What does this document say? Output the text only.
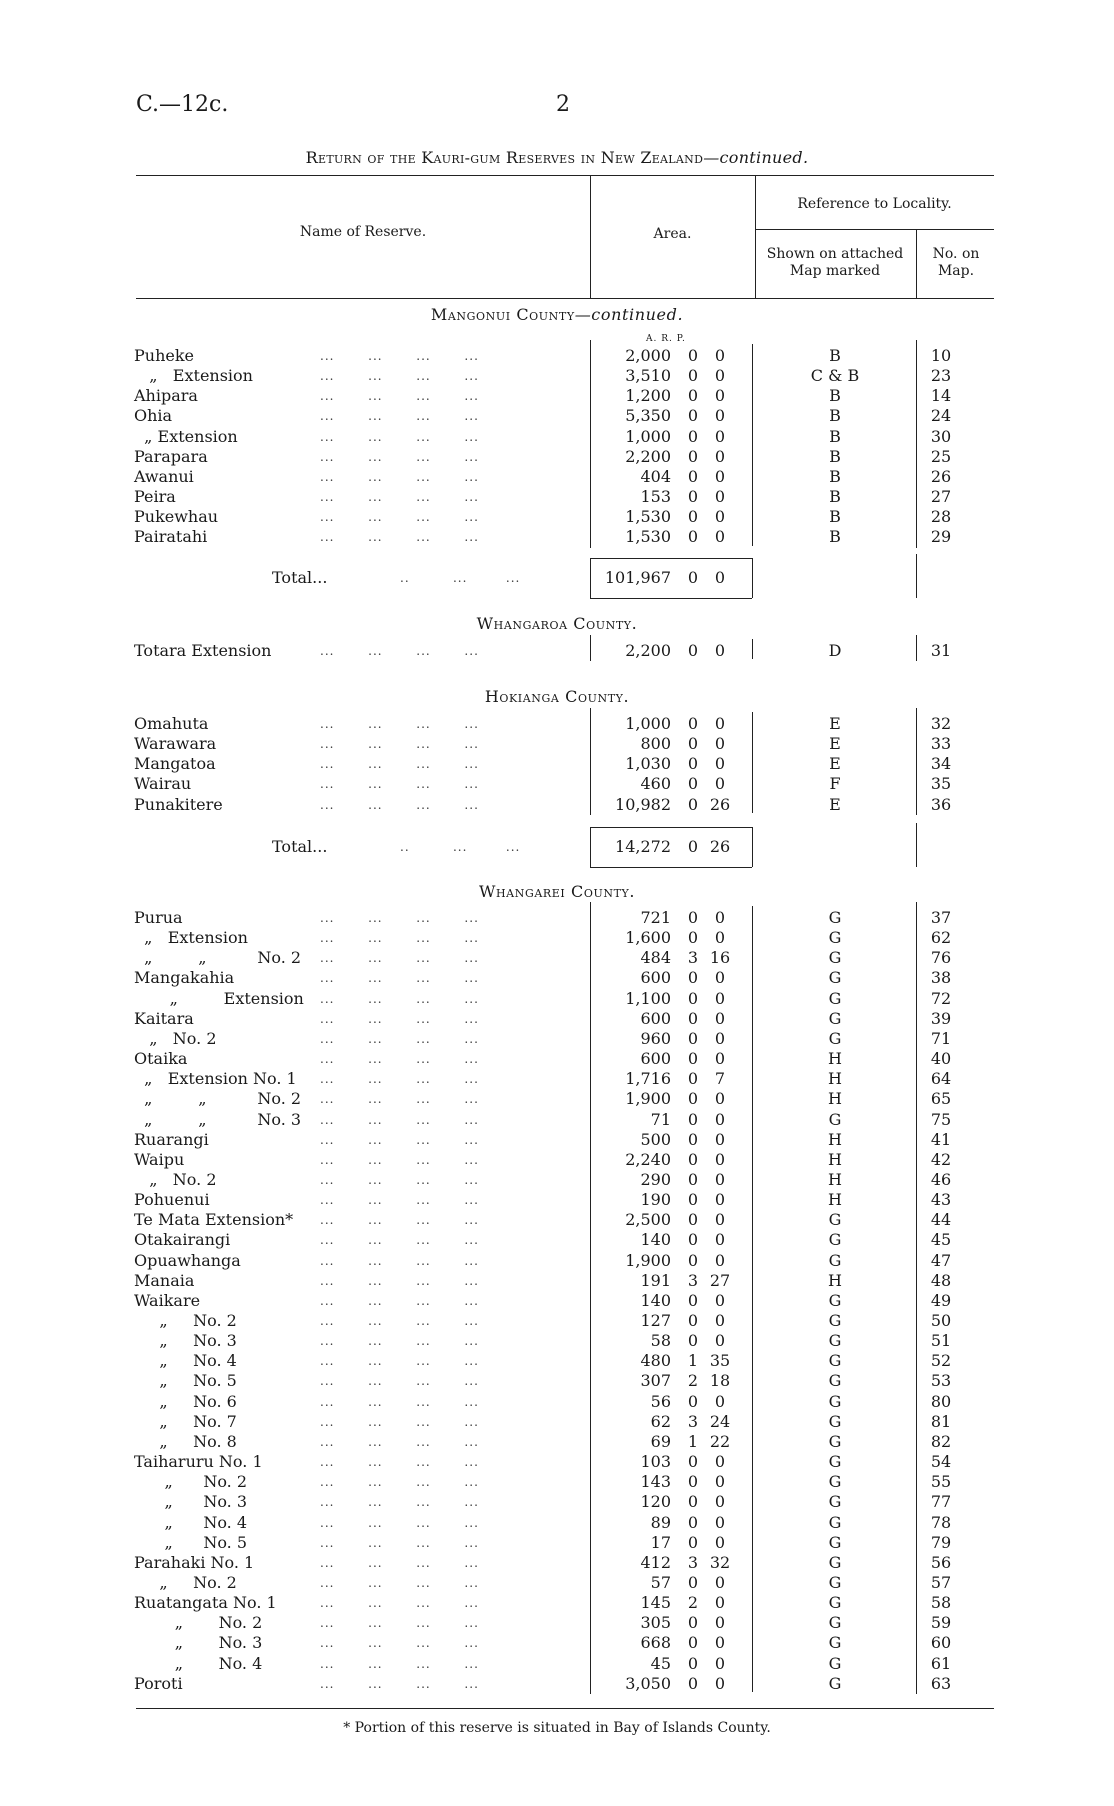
C.—12c.	2
Return of the Kauri-gum Reserves in New Zealand—continued.
Name of Reserve.	Area.
Reference to Locality.
Shown on attached Map marked
No. on Map.
Mangonui County—continued.
A. R. P.
Puheke	...       ...       ...       ...	2,000 0	0	B	10
„   Extension	...       ...       ...       ...	3,510 0	0	C & B	23
Ahipara	...       ...       ...       ...	1,200 0	0	B	14
Ohia	...       ...       ...       ...	5,350 0	0	B	24
„ Extension	...       ...       ...       ...	1,000 0	0	B	30
Parapara	...       ...       ...       ...	2,200 0	0	B	25
Awanui	...       ...       ...       ...	404 0	0	B	26
Peira	...       ...       ...       ...	153 0	0	B	27
Pukewhau	...       ...       ...       ...	1,530 0	0	B	28
Pairatahi	...       ...       ...       ...	1,530 0	0	B	29
Total...	..         ...        ...	101,967 0	0
Whangaroa County.
Totara Extension	...       ...       ...       ...	2,200 0	0	D	31
Hokianga County.
Omahuta	...       ...       ...       ...	1,000 0	0	E	32
Warawara	...       ...       ...       ...	800 0	0	E	33
Mangatoa	...       ...       ...       ...	1,030 0	0	E	34
Wairau	...       ...       ...       ...	460 0	0	F	35
Punakitere	...       ...       ...       ...	10,982 0 26	E	36
Total...	..         ...        ...	14,272 0 26
Whangarei County.
Purua	...       ...       ...       ...	721 0	0	G	37
„   Extension	...       ...       ...       ...	1,600 0	0	G	62
„         „          No. 2 ...       ...       ...       ...	484 3 16	G	76
Mangakahia	...       ...       ...       ...	600 0	0	G	38
„         Extension ...       ...       ...       ...	1,100 0	0	G	72
Kaitara	...       ...       ...       ...	600 0	0	G	39
„   No. 2	...       ...       ...       ...	960 0	0	G	71
Otaika	...       ...       ...       ...	600 0	0	H	40
„   Extension No. 1 ...       ...       ...       ...	1,716 0	7	H	64
„         „          No. 2 ...       ...       ...       ...	1,900 0	0	H	65
„         „          No. 3 ...       ...       ...       ...	71 0	0	G	75
Ruarangi	...       ...       ...       ...	500 0	0	H	41
Waipu	...       ...       ...       ...	2,240 0	0	H	42
„   No. 2	...       ...       ...       ...	290 0	0	H	46
Pohuenui	...       ...       ...       ...	190 0	0	H	43
Te Mata Extension* ...       ...       ...       ...	2,500 0	0	G	44
Otakairangi	...       ...       ...       ...	140 0	0	G	45
Opuawhanga	...       ...       ...       ...	1,900 0	0	G	47
Manaia	...       ...       ...       ...	191 3 27	H	48
Waikare	...       ...       ...       ...	140 0	0	G	49
„     No. 2	...       ...       ...       ...	127 0	0	G	50
„     No. 3	...       ...       ...       ...	58 0	0	G	51
„     No. 4	...       ...       ...       ...	480 1 35	G	52
„     No. 5	...       ...       ...       ...	307 2 18	G	53
„     No. 6	...       ...       ...       ...	56 0	0	G	80
„     No. 7	...       ...       ...       ...	62 3 24	G	81
„     No. 8	...       ...       ...       ...	69 1 22	G	82
Taiharuru No. 1	...       ...       ...       ...	103 0	0	G	54
„      No. 2	...       ...       ...       ...	143 0	0	G	55
„      No. 3	...       ...       ...       ...	120 0	0	G	77
„      No. 4	...       ...       ...       ...	89 0	0	G	78
„      No. 5	...       ...       ...       ...	17 0	0	G	79
Parahaki No. 1	...       ...       ...       ...	412 3 32	G	56
„     No. 2	...       ...       ...       ...	57 0	0	G	57
Ruatangata No. 1	...       ...       ...       ...	145 2	0	G	58
„       No. 2	...       ...       ...       ...	305 0	0	G	59
„       No. 3	...       ...       ...       ...	668 0	0	G	60
„       No. 4	...       ...       ...       ...	45 0	0	G	61
Poroti	...       ...       ...       ...	3,050 0	0	G	63
* Portion of this reserve is situated in Bay of Islands County.
